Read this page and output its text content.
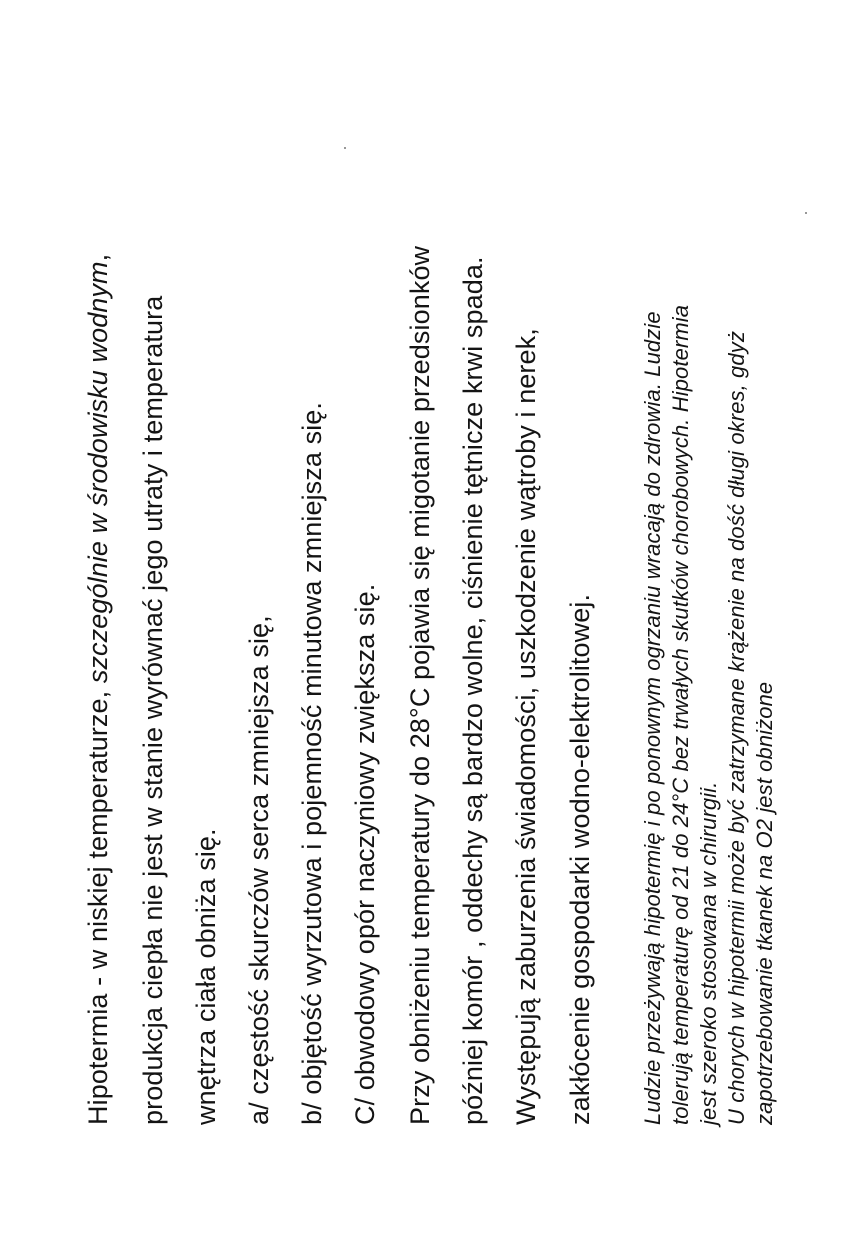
Hipotermia - w niskiej temperaturze, szczególnie w środowisku wodnym,
produkcja ciepła nie jest w stanie wyrównać jego utraty i temperatura wnętrza ciała obniża się. a/ częstość skurczów serca zmniejsza się, b/ objętość wyrzutowa i pojemność minutowa zmniejsza się. C/ obwodowy opór naczyniowy zwiększa się. Przy obniżeniu temperatury do 28°C pojawia się migotanie przedsionków później komór , oddechy są bardzo wolne, ciśnienie tętnicze krwi spada. Występują zaburzenia świadomości, uszkodzenie wątroby i nerek, zakłócenie gospodarki wodno-elektrolitowej. Ludzie przeżywają hipotermię i po ponownym ogrzaniu wracają do zdrowia. Ludzie tolerują temperaturę od 21 do 24°C bez trwałych skutków chorobowych. Hipotermia jest szeroko stosowana w chirurgii. U chorych w hipotermii może być zatrzymane krążenie na dość długi okres, gdyż zapotrzebowanie tkanek na O2 jest obniżone
